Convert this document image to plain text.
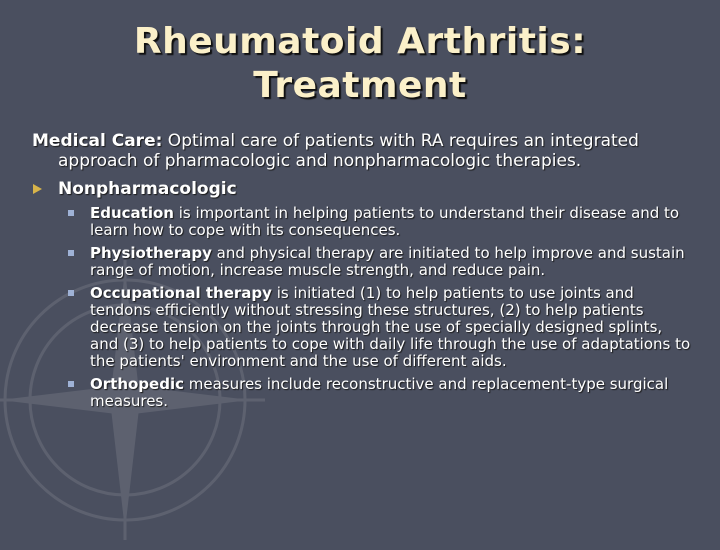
Rheumatoid Arthritis:
Treatment
Medical Care: Optimal care of patients with RA requires an integrated approach of pharmacologic and nonpharmacologic therapies.
Nonpharmacologic
Education is important in helping patients to understand their disease and to learn how to cope with its consequences.
Physiotherapy and physical therapy are initiated to help improve and sustain range of motion, increase muscle strength, and reduce pain.
Occupational therapy is initiated (1) to help patients to use joints and tendons efficiently without stressing these structures, (2) to help patients decrease tension on the joints through the use of specially designed splints, and (3) to help patients to cope with daily life through the use of adaptations to the patients' environment and the use of different aids.
Orthopedic measures include reconstructive and replacement-type surgical measures.
